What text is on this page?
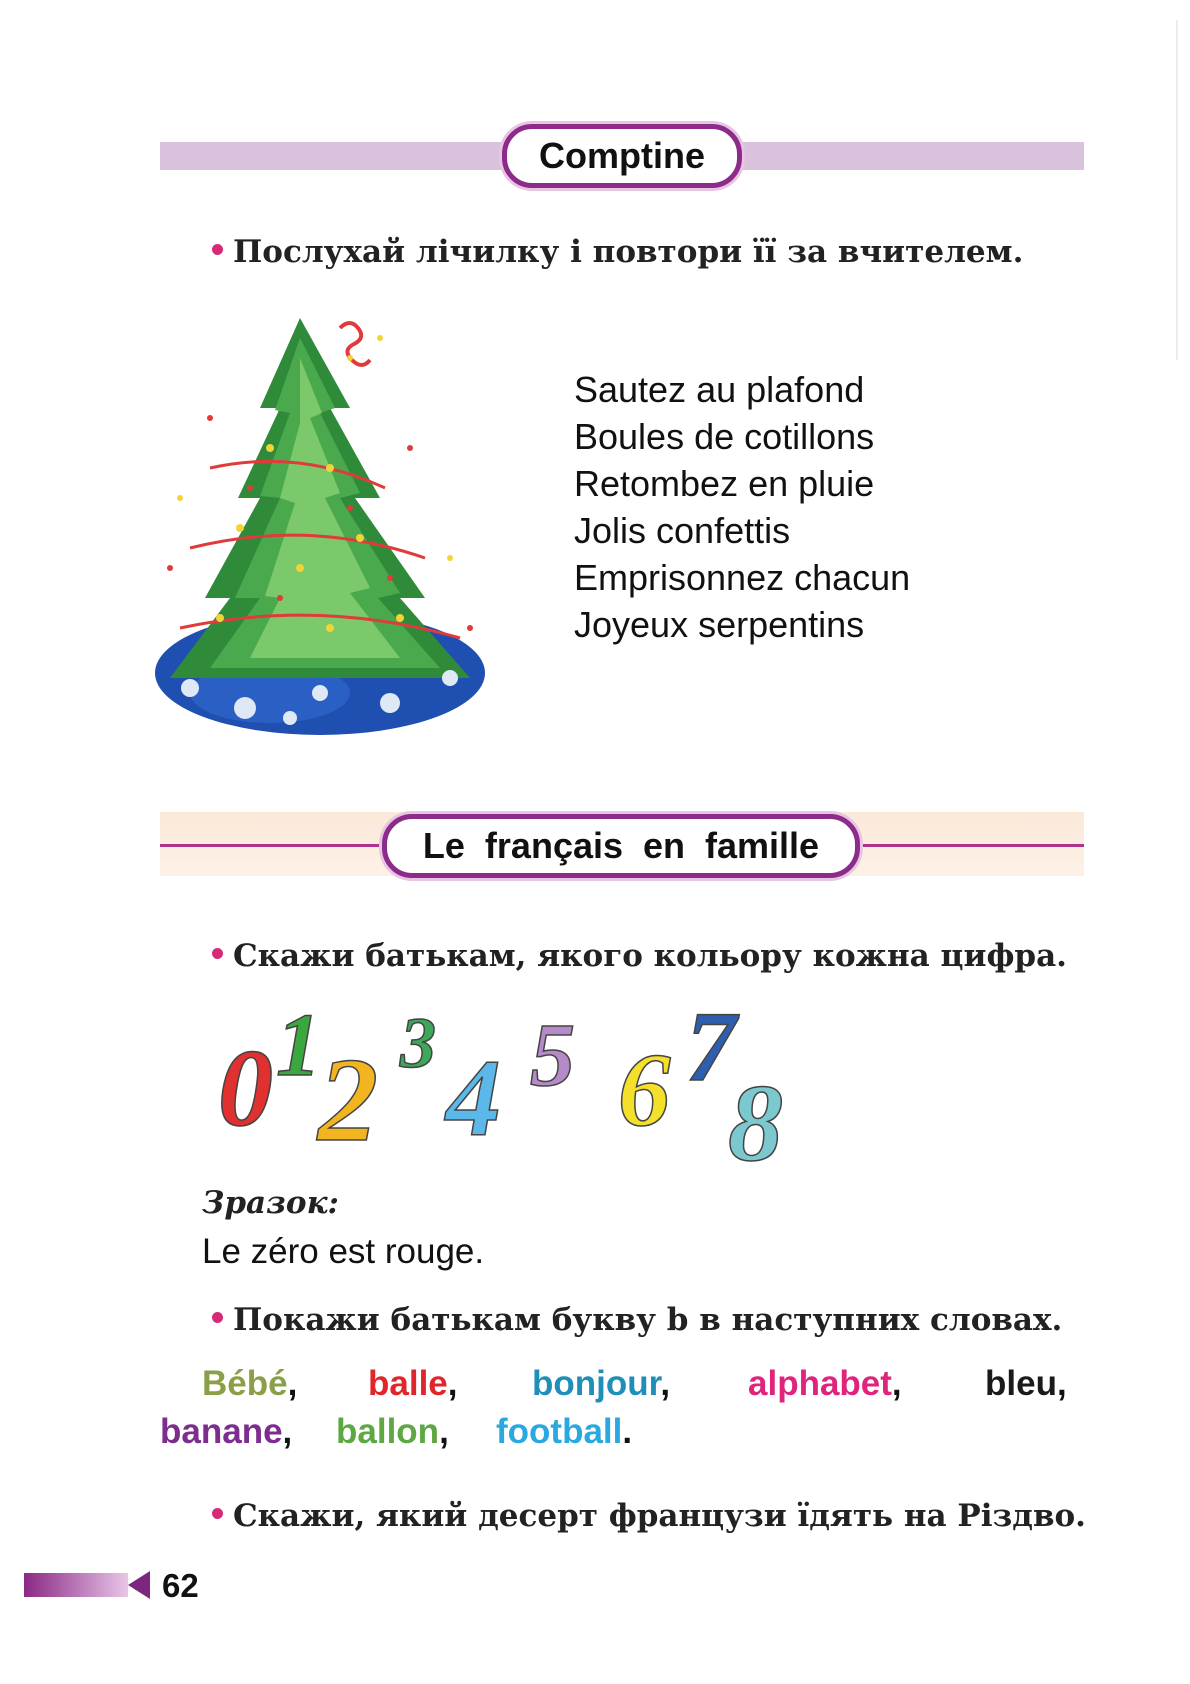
Comptine
Послухай лічилку і повтори її за вчителем.
Sautez au plafond
Boules de cotillons
Retombez en pluie
Jolis confettis
Emprisonnez chacun
Joyeux serpentins
Le français en famille
Скажи батькам, якого кольору кожна цифра.
0 1
2 3 4 5 6 7
8
Зразок:
Le zéro est rouge.
Покажи батькам букву b в наступних словах.
Bébé, balle, bonjour, alphabet, bleu,
banane, ballon, football.
Скажи, який десерт французи їдять на Різдво.
62
